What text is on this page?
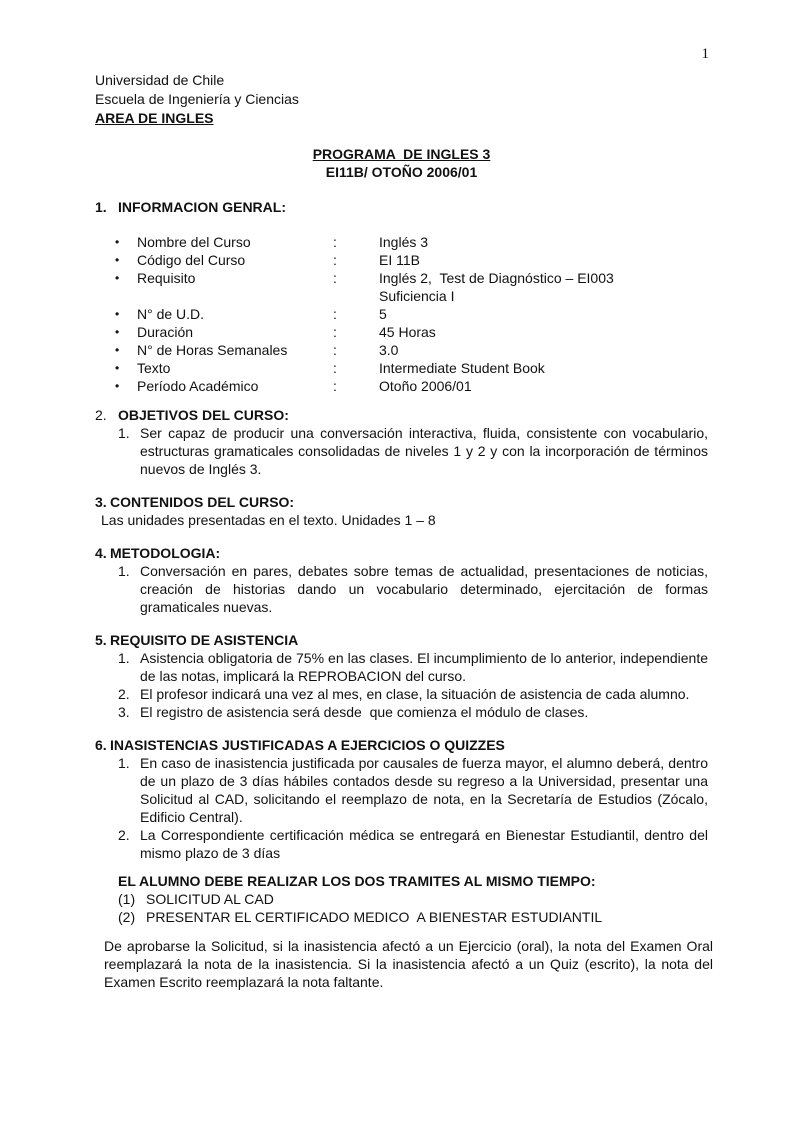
1
Universidad de Chile
Escuela de Ingeniería y Ciencias
AREA DE INGLES
PROGRAMA  DE INGLES 3
EI11B/ OTOÑO 2006/01
1. INFORMACION GENRAL:
•	Nombre del Curso	:	Inglés 3
•	Código del Curso	:	EI 11B
•	Requisito	:	Inglés 2,  Test de Diagnóstico – EI003
Suficiencia I
•	N° de U.D.	:	5
•	Duración	:	45 Horas
•	N° de Horas Semanales	:	3.0
•	Texto	:	Intermediate Student Book
•	Período Académico	:	Otoño 2006/01
2. OBJETIVOS DEL CURSO:
1. Ser capaz de producir una conversación interactiva, fluida, consistente con vocabulario, estructuras gramaticales consolidadas de niveles 1 y 2 y con la incorporación de términos nuevos de Inglés 3.
3. CONTENIDOS DEL CURSO:
Las unidades presentadas en el texto. Unidades 1 – 8
4. METODOLOGIA:
1. Conversación en pares, debates sobre temas de actualidad, presentaciones de noticias, creación de historias dando un vocabulario determinado, ejercitación de formas gramaticales nuevas.
5. REQUISITO DE ASISTENCIA
1. Asistencia obligatoria de 75% en las clases. El incumplimiento de lo anterior, independiente de las notas, implicará la REPROBACION del curso.
2. El profesor indicará una vez al mes, en clase, la situación de asistencia de cada alumno.
3. El registro de asistencia será desde  que comienza el módulo de clases.
6. INASISTENCIAS JUSTIFICADAS A EJERCICIOS O QUIZZES
1. En caso de inasistencia justificada por causales de fuerza mayor, el alumno deberá, dentro  de un plazo de 3 días hábiles contados desde su regreso a la Universidad, presentar una Solicitud al CAD, solicitando el reemplazo de nota, en la Secretaría de Estudios (Zócalo, Edificio Central).
2. La Correspondiente certificación médica se entregará en Bienestar Estudiantil, dentro del mismo plazo de 3 días
EL ALUMNO DEBE REALIZAR LOS DOS TRAMITES AL MISMO TIEMPO:
(1) SOLICITUD AL CAD
(2) PRESENTAR EL CERTIFICADO MEDICO  A BIENESTAR ESTUDIANTIL
De aprobarse la Solicitud, si la inasistencia afectó a un Ejercicio (oral), la nota del Examen Oral  reemplazará la nota de la inasistencia. Si la inasistencia afectó a un Quiz (escrito), la nota del Examen Escrito reemplazará la nota faltante.
